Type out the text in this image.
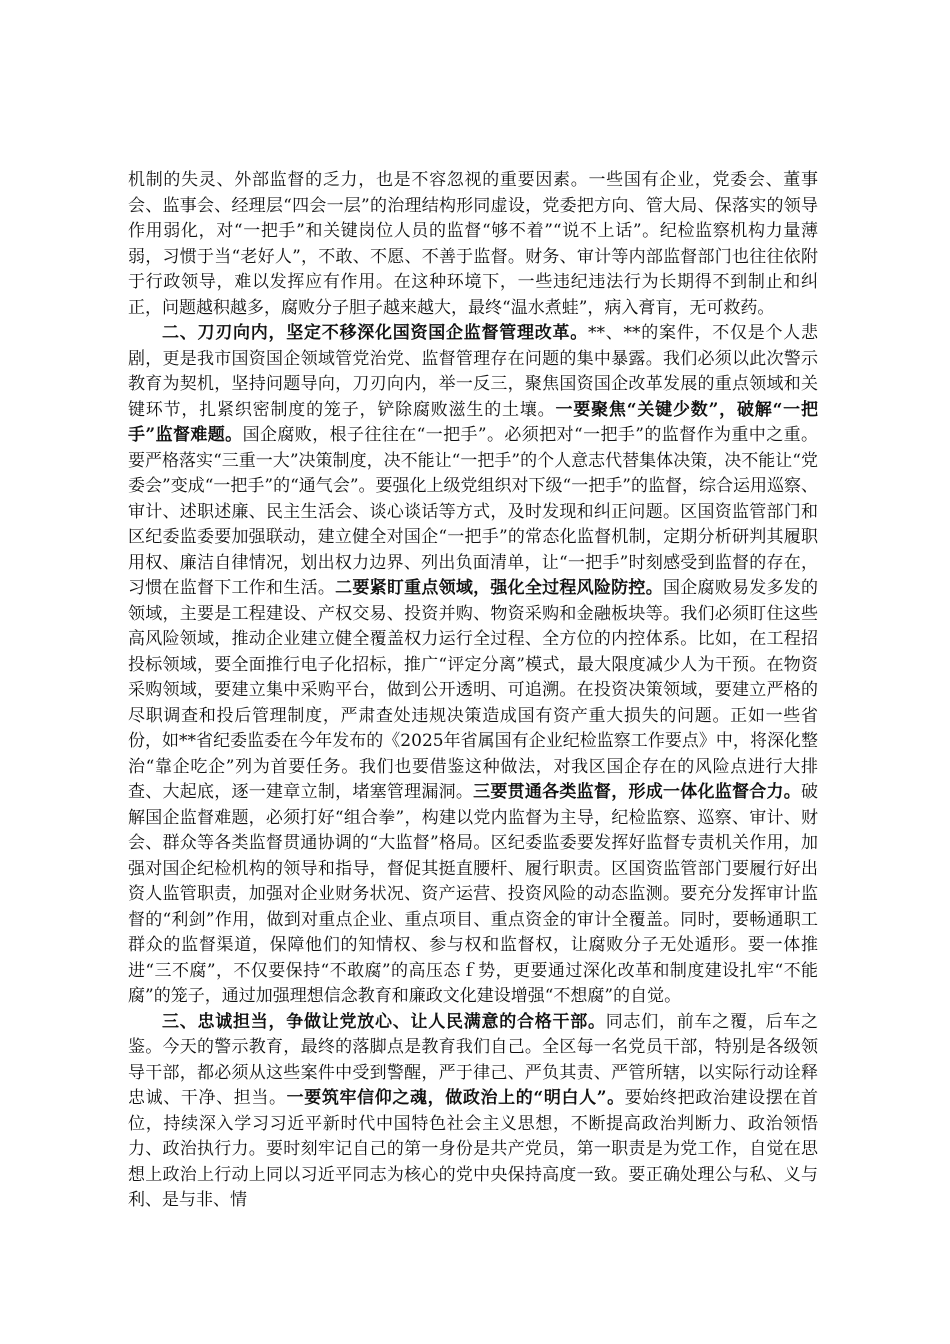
机制的失灵、外部监督的乏力，也是不容忽视的重要因素。一些国有企业，党委会、董事会、监事会、经理层“四会一层”的治理结构形同虚设，党委把方向、管大局、保落实的领导作用弱化，对“一把手”和关键岗位人员的监督“够不着”“说不上话”。纪检监察机构力量薄弱，习惯于当“老好人”，不敢、不愿、不善于监督。财务、审计等内部监督部门也往往依附于行政领导，难以发挥应有作用。在这种环境下，一些违纪违法行为长期得不到制止和纠正，问题越积越多，腐败分子胆子越来越大，最终“温水煮蛙”，病入膏肓，无可救药。

二、刀刃向内，坚定不移深化国资国企监督管理改革。**、**的案件，不仅是个人悲剧，更是我市国资国企领域管党治党、监督管理存在问题的集中暴露。我们必须以此次警示教育为契机，坚持问题导向，刀刃向内，举一反三，聚焦国资国企改革发展的重点领域和关键环节，扎紧织密制度的笼子，铲除腐败滋生的土壤。一要聚焦“关键少数”，破解“一把手”监督难题。国企腐败，根子往往在“一把手”。必须把对“一把手”的监督作为重中之重。要严格落实“三重一大”决策制度，决不能让“一把手”的个人意志代替集体决策，决不能让“党委会”变成“一把手”的“通气会”。要强化上级党组织对下级“一把手”的监督，综合运用巡察、审计、述职述廉、民主生活会、谈心谈话等方式，及时发现和纠正问题。区国资监管部门和区纪委监委要加强联动，建立健全对国企“一把手”的常态化监督机制，定期分析研判其履职用权、廉洁自律情况，划出权力边界、列出负面清单，让“一把手”时刻感受到监督的存在，习惯在监督下工作和生活。二要紧盯重点领域，强化全过程风险防控。国企腐败易发多发的领域，主要是工程建设、产权交易、投资并购、物资采购和金融板块等。我们必须盯住这些高风险领域，推动企业建立健全覆盖权力运行全过程、全方位的内控体系。比如，在工程招投标领域，要全面推行电子化招标，推广“评定分离”模式，最大限度减少人为干预。在物资采购领域，要建立集中采购平台，做到公开透明、可追溯。在投资决策领域，要建立严格的尽职调查和投后管理制度，严肃查处违规决策造成国有资产重大损失的问题。正如一些省份，如**省纪委监委在今年发布的《2025年省属国有企业纪检监察工作要点》中，将深化整治“靠企吃企”列为首要任务。我们也要借鉴这种做法，对我区国企存在的风险点进行大排查、大起底，逐一建章立制，堵塞管理漏洞。三要贯通各类监督，形成一体化监督合力。破解国企监督难题，必须打好“组合拳”，构建以党内监督为主导，纪检监察、巡察、审计、财会、群众等各类监督贯通协调的“大监督”格局。区纪委监委要发挥好监督专责机关作用，加强对国企纪检机构的领导和指导，督促其挺直腰杆、履行职责。区国资监管部门要履行好出资人监管职责，加强对企业财务状况、资产运营、投资风险的动态监测。要充分发挥审计监督的“利剑”作用，做到对重点企业、重点项目、重点资金的审计全覆盖。同时，要畅通职工群众的监督渠道，保障他们的知情权、参与权和监督权，让腐败分子无处遁形。要一体推进“三不腐”，不仅要保持“不敢腐”的高压态ｆ势，更要通过深化改革和制度建设扎牢“不能腐”的笼子，通过加强理想信念教育和廉政文化建设增强“不想腐”的自觉。

三、忠诚担当，争做让党放心、让人民满意的合格干部。同志们，前车之覆，后车之鉴。今天的警示教育，最终的落脚点是教育我们自己。全区每一名党员干部，特别是各级领导干部，都必须从这些案件中受到警醒，严于律己、严负其责、严管所辖，以实际行动诠释忠诚、干净、担当。一要筑牢信仰之魂，做政治上的“明白人”。要始终把政治建设摆在首位，持续深入学习习近平新时代中国特色社会主义思想，不断提高政治判断力、政治领悟力、政治执行力。要时刻牢记自己的第一身份是共产党员，第一职责是为党工作，自觉在思想上政治上行动上同以习近平同志为核心的党中央保持高度一致。要正确处理公与私、义与利、是与非、情
